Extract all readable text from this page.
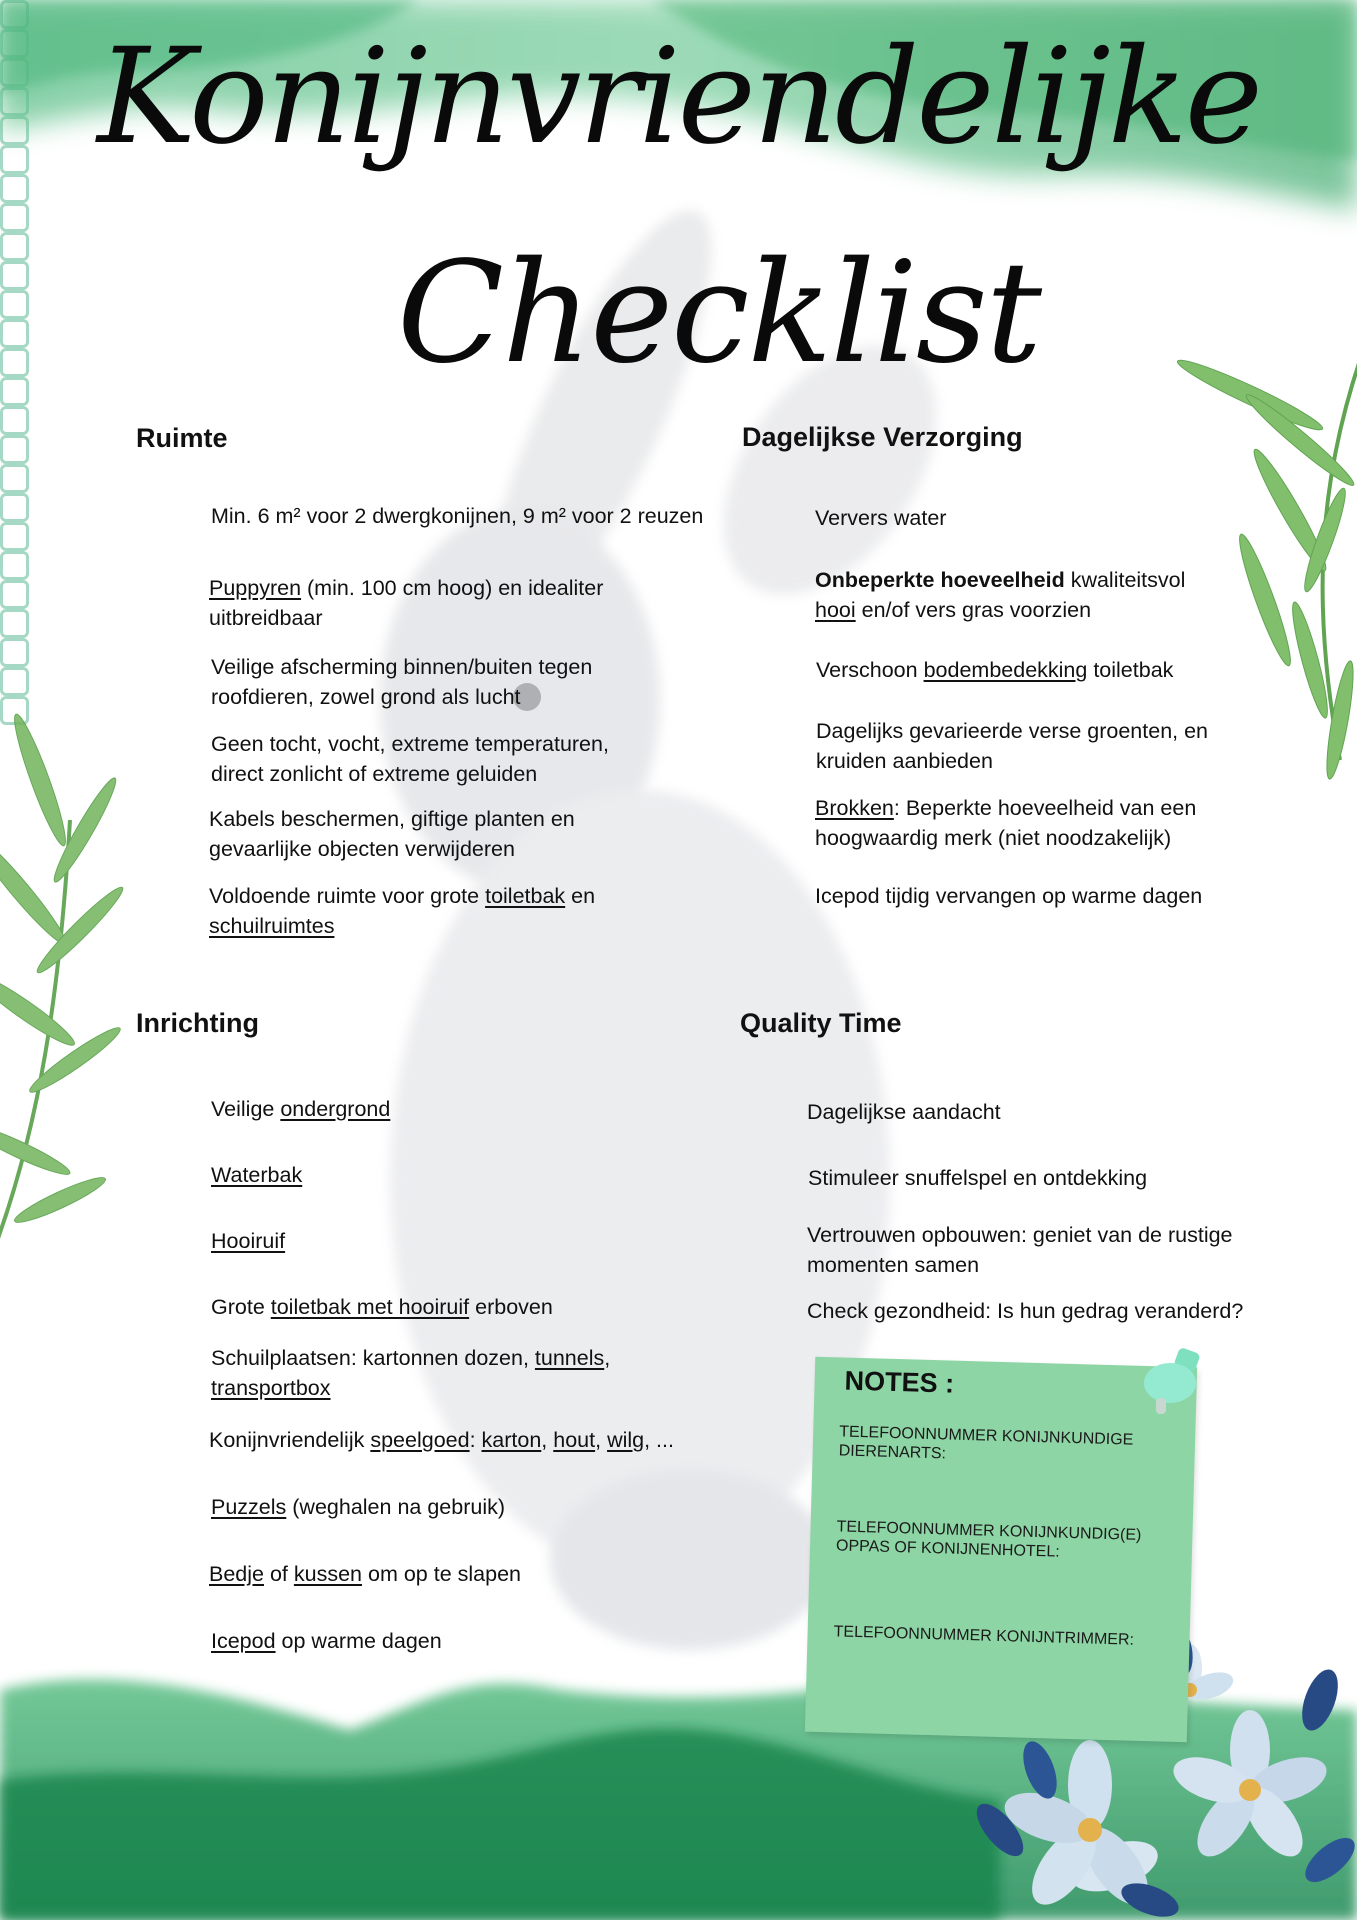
Konijnvriendelijke
Checklist
Ruimte
Min. 6 m² voor 2 dwergkonijnen, 9 m² voor 2 reuzen
Puppyren (min. 100 cm hoog) en idealiter
uitbreidbaar
Veilige afscherming binnen/buiten tegen
roofdieren, zowel grond als lucht
Geen tocht, vocht, extreme temperaturen,
direct zonlicht of extreme geluiden
Kabels beschermen, giftige planten en
gevaarlijke objecten verwijderen
Voldoende ruimte voor grote toiletbak en
schuilruimtes
Dagelijkse Verzorging
Ververs water
Onbeperkte hoeveelheid kwaliteitsvol
hooi en/of vers gras voorzien
Verschoon bodembedekking toiletbak
Dagelijks gevarieerde verse groenten, en
kruiden aanbieden
Brokken: Beperkte hoeveelheid van een
hoogwaardig merk (niet noodzakelijk)
Icepod tijdig vervangen op warme dagen
Inrichting
Veilige ondergrond
Waterbak
Hooiruif
Grote toiletbak met hooiruif erboven
Schuilplaatsen: kartonnen dozen, tunnels,
transportbox
Konijnvriendelijk speelgoed: karton, hout, wilg, ...
Puzzels (weghalen na gebruik)
Bedje of kussen om op te slapen
Icepod op warme dagen
Quality Time
Dagelijkse aandacht
Stimuleer snuffelspel en ontdekking
Vertrouwen opbouwen: geniet van de rustige
momenten samen
Check gezondheid: Is hun gedrag veranderd?
NOTES :
TELEFOONNUMMER KONIJNKUNDIGE DIERENARTS:
TELEFOONNUMMER KONIJNKUNDIG(E) OPPAS OF KONIJNENHOTEL:
TELEFOONNUMMER KONIJNTRIMMER:
